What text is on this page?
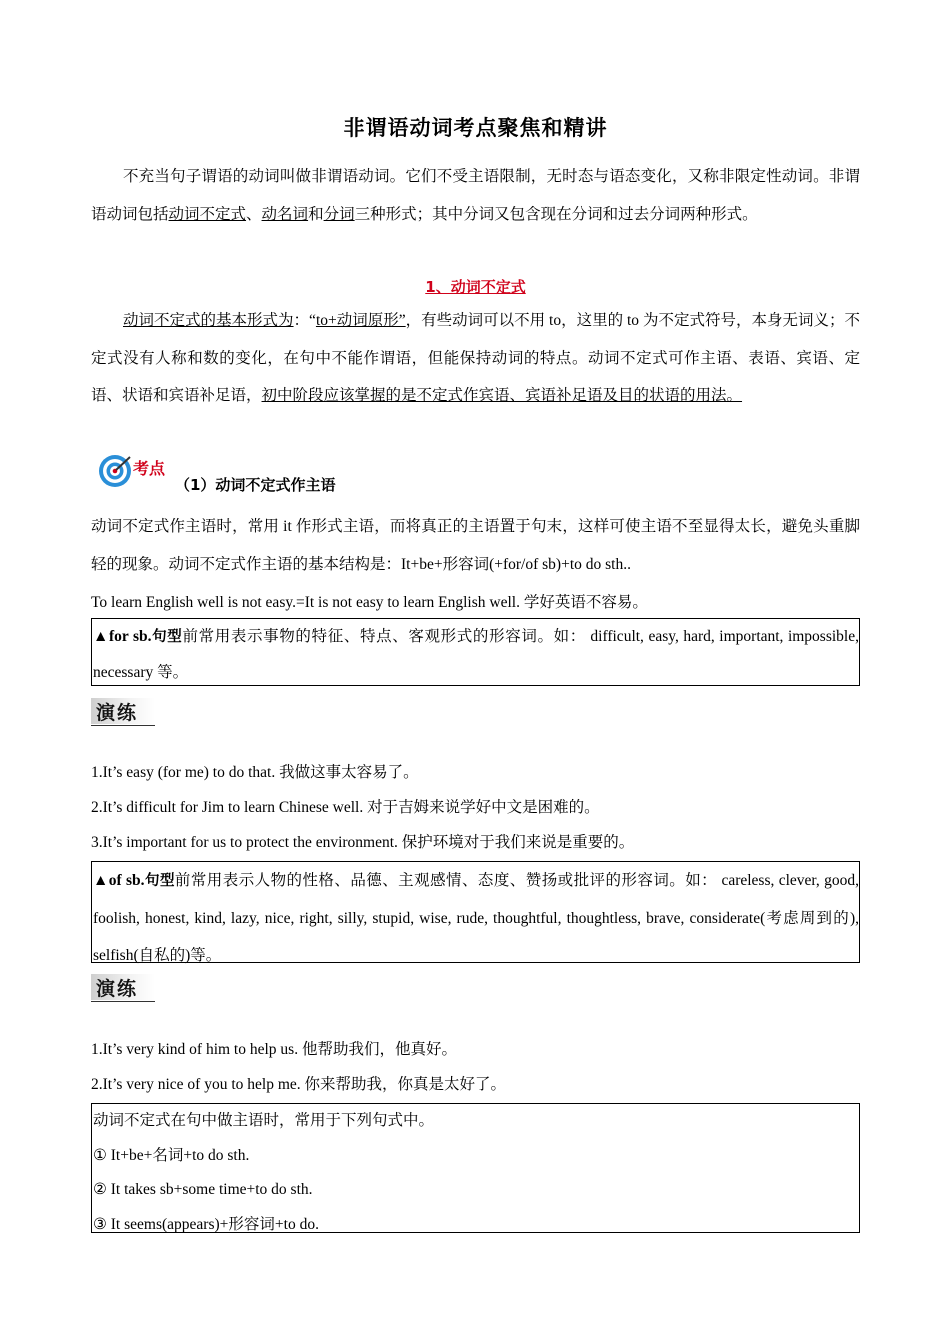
非谓语动词考点聚焦和精讲
不充当句子谓语的动词叫做非谓语动词。它们不受主语限制，无时态与语态变化，又称非限定性动词。非谓语动词包括动词不定式、动名词和分词三种形式；其中分词又包含现在分词和过去分词两种形式。
1、动词不定式
动词不定式的基本形式为：“to+动词原形”，有些动词可以不用 to，这里的 to 为不定式符号，本身无词义；不定式没有人称和数的变化，在句中不能作谓语，但能保持动词的特点。动词不定式可作主语、表语、宾语、定语、状语和宾语补足语，初中阶段应该掌握的是不定式作宾语、宾语补足语及目的状语的用法。
考点
（1）动词不定式作主语
动词不定式作主语时，常用 it 作形式主语，而将真正的主语置于句末，这样可使主语不至显得太长，避免头重脚轻的现象。动词不定式作主语的基本结构是：It+be+形容词(+for/of sb)+to do sth..
To learn English well is not easy.=It is not easy to learn English well. 学好英语不容易。
▲for sb.句型前常用表示事物的特征、特点、客观形式的形容词。如： difficult, easy, hard, important, impossible, necessary 等。
演练
1.It’s easy (for me) to do that. 我做这事太容易了。
2.It’s difficult for Jim to learn Chinese well. 对于吉姆来说学好中文是困难的。
3.It’s important for us to protect the environment. 保护环境对于我们来说是重要的。
▲of sb.句型前常用表示人物的性格、品德、主观感情、态度、赞扬或批评的形容词。如： careless, clever, good, foolish, honest, kind, lazy, nice, right, silly, stupid, wise, rude, thoughtful, thoughtless, brave, considerate(考虑周到的), selfish(自私的)等。
演练
1.It’s very kind of him to help us. 他帮助我们，他真好。
2.It’s very nice of you to help me. 你来帮助我，你真是太好了。
动词不定式在句中做主语时，常用于下列句式中。
① It+be+名词+to do sth.
② It takes sb+some time+to do sth.
③ It seems(appears)+形容词+to do.
